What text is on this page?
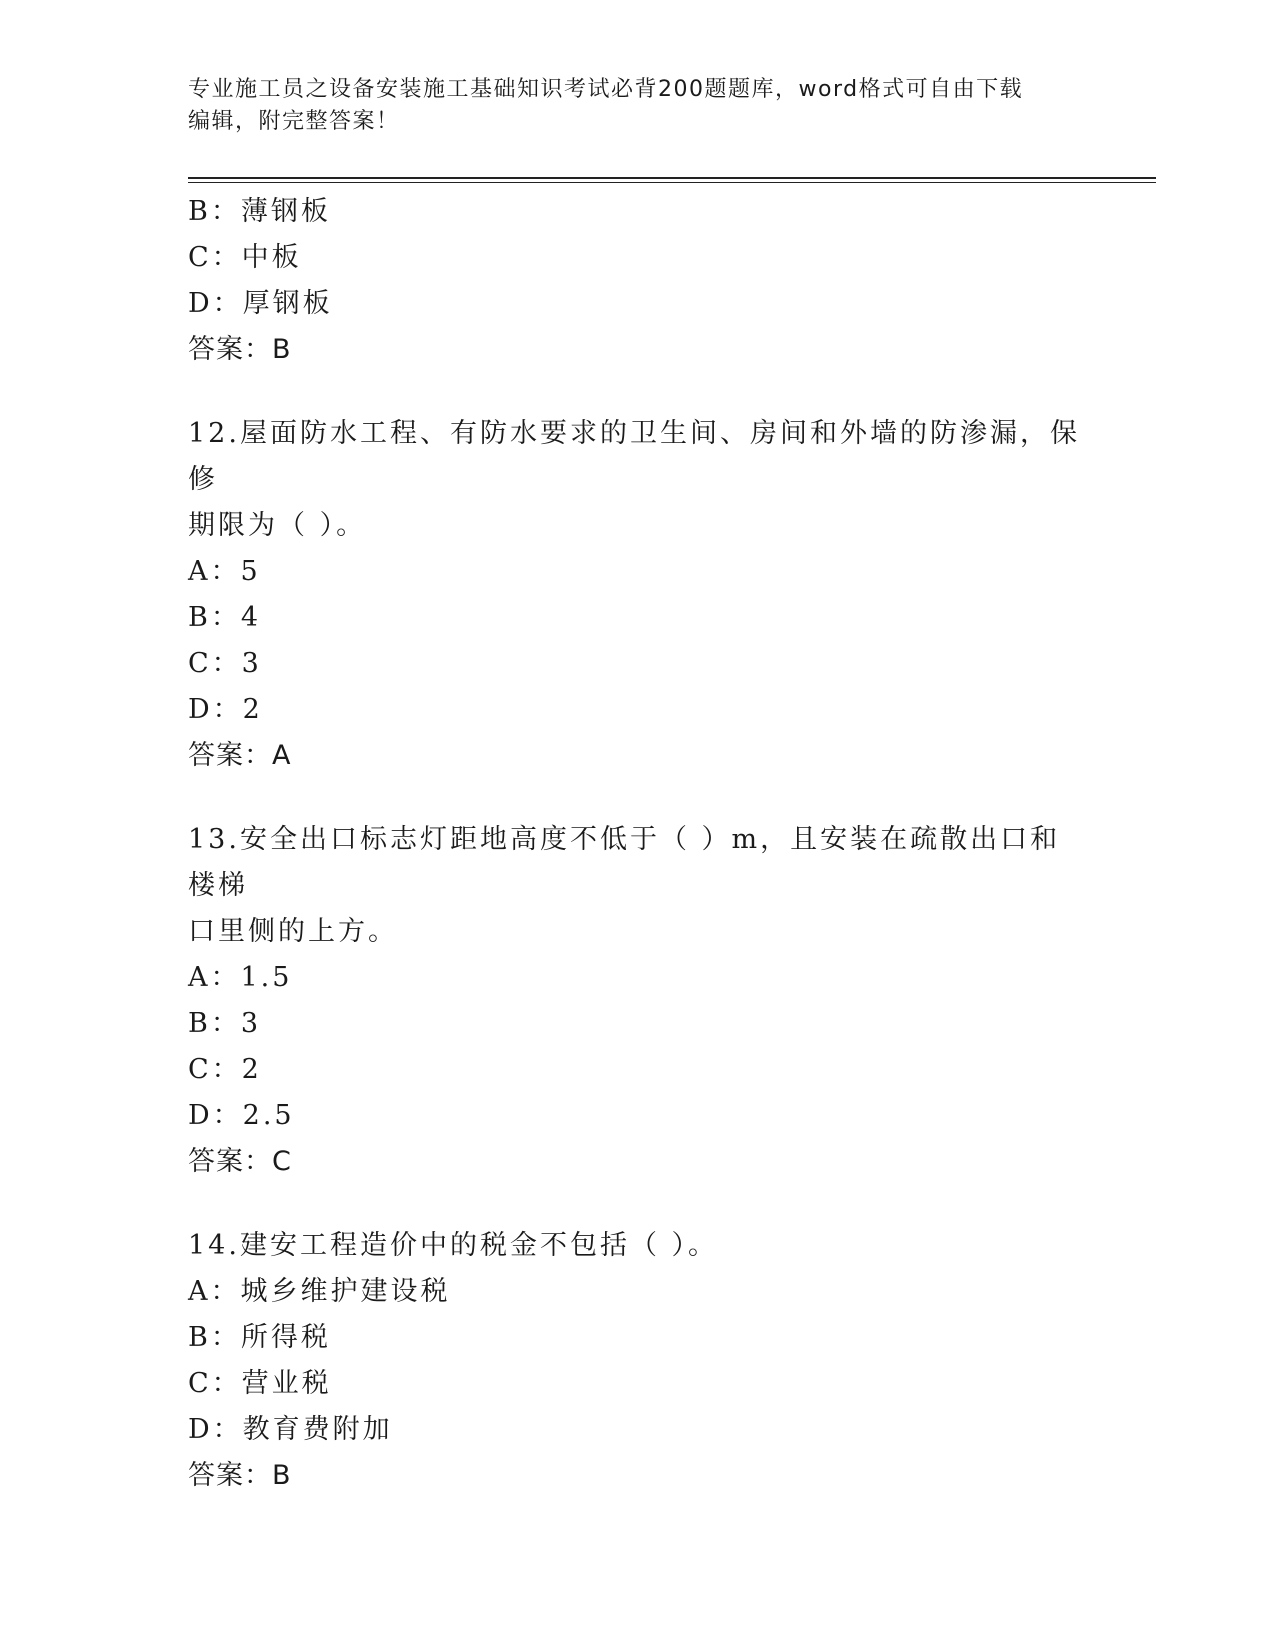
专业施工员之设备安装施工基础知识考试必背200题题库，word格式可自由下载
编辑，附完整答案！
B：薄钢板
C：中板
D：厚钢板
答案：B
12.屋面防水工程、有防水要求的卫生间、房间和外墙的防渗漏，保修
期限为（ ）。
A：5
B：4
C：3
D：2
答案：A
13.安全出口标志灯距地高度不低于（ ）m，且安装在疏散出口和楼梯
口里侧的上方。
A：1.5
B：3
C：2
D：2.5
答案：C
14.建安工程造价中的税金不包括（ ）。
A：城乡维护建设税
B：所得税
C：营业税
D：教育费附加
答案：B
